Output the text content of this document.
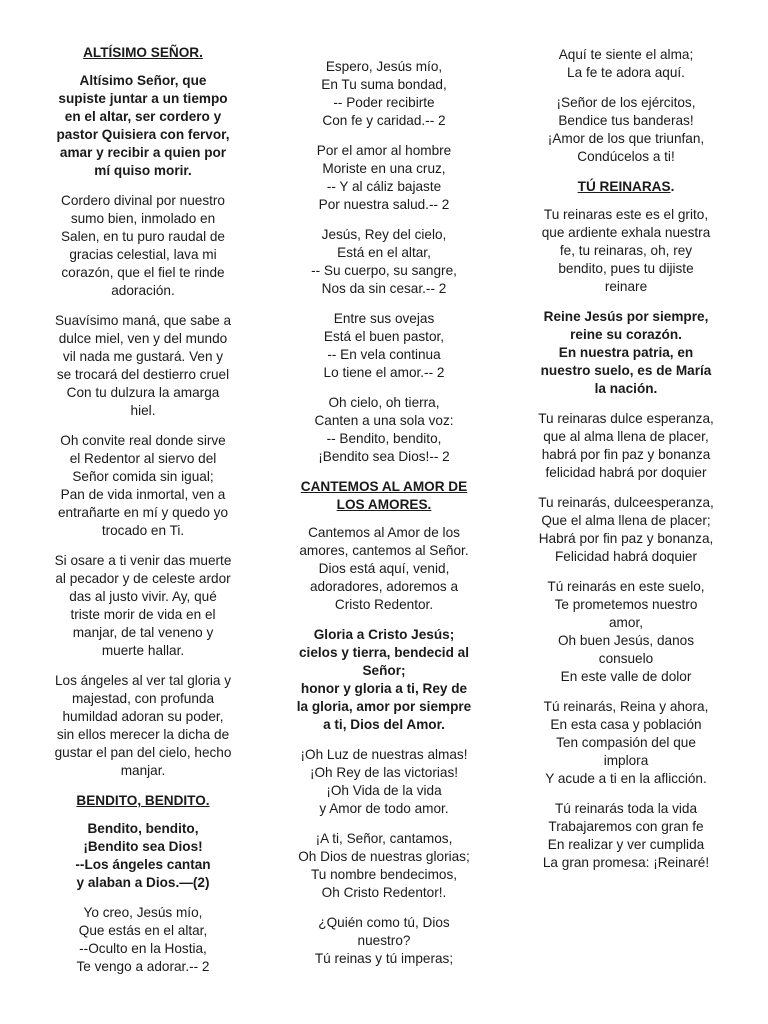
ALTÍSIMO SEÑOR.

Altísimo Señor, que
supiste juntar a un tiempo
en el altar, ser cordero y
pastor Quisiera con fervor,
amar y recibir a quien por
mí quiso morir.

Cordero divinal por nuestro
sumo bien, inmolado en
Salen, en tu puro raudal de
gracias celestial, lava mi
corazón, que el fiel te rinde
adoración.

Suavísimo maná, que sabe a
dulce miel, ven y del mundo
vil nada me gustará. Ven y
se trocará del destierro cruel
Con tu dulzura la amarga
hiel.

Oh convite real donde sirve
el Redentor al siervo del
Señor comida sin igual;
Pan de vida inmortal, ven a
entrañarte en mí y quedo yo
trocado en Ti.

Si osare a ti venir das muerte
al pecador y de celeste ardor
das al justo vivir. Ay, qué
triste morir de vida en el
manjar, de tal veneno y
muerte hallar.

Los ángeles al ver tal gloria y
majestad, con profunda
humildad adoran su poder,
sin ellos merecer la dicha de
gustar el pan del cielo, hecho
manjar.

BENDITO, BENDITO.

Bendito, bendito,
¡Bendito sea Dios!
--Los ángeles cantan
y alaban a Dios.—(2)

Yo creo, Jesús mío,
Que estás en el altar,
--Oculto en la Hostia,
Te vengo a adorar.-- 2

Espero, Jesús mío,
En Tu suma bondad,
-- Poder recibirte
Con fe y caridad.-- 2

Por el amor al hombre
Moriste en una cruz,
-- Y al cáliz bajaste
Por nuestra salud.-- 2

Jesús, Rey del cielo,
Está en el altar,
-- Su cuerpo, su sangre,
Nos da sin cesar.-- 2

Entre sus ovejas
Está el buen pastor,
-- En vela continua
Lo tiene el amor.-- 2

Oh cielo, oh tierra,
Canten a una sola voz:
-- Bendito, bendito,
¡Bendito sea Dios!-- 2

CANTEMOS AL AMOR DE
LOS AMORES.

Cantemos al Amor de los
amores, cantemos al Señor.
Dios está aquí, venid,
adoradores, adoremos a
Cristo Redentor.

Gloria a Cristo Jesús;
cielos y tierra, bendecid al
Señor;
honor y gloria a ti, Rey de
la gloria, amor por siempre
a ti, Dios del Amor.

¡Oh Luz de nuestras almas!
¡Oh Rey de las victorias!
¡Oh Vida de la vida
y Amor de todo amor.

¡A ti, Señor, cantamos,
Oh Dios de nuestras glorias;
Tu nombre bendecimos,
Oh Cristo Redentor!.

¿Quién como tú, Dios
nuestro?
Tú reinas y tú imperas;

Aquí te siente el alma;
La fe te adora aquí.

¡Señor de los ejércitos,
Bendice tus banderas!
¡Amor de los que triunfan,
Condúcelos a ti!

TÚ REINARAS.

Tu reinaras este es el grito,
que ardiente exhala nuestra
fe, tu reinaras, oh, rey
bendito, pues tu dijiste
reinare

Reine Jesús por siempre,
reine su corazón.
En nuestra patria, en
nuestro suelo, es de María
la nación.

Tu reinaras dulce esperanza,
que al alma llena de placer,
habrá por fin paz y bonanza
felicidad habrá por doquier

Tu reinarás, dulceesperanza,
Que el alma llena de placer;
Habrá por fin paz y bonanza,
Felicidad habrá doquier

Tú reinarás en este suelo,
Te prometemos nuestro
amor,
Oh buen Jesús, danos
consuelo
En este valle de dolor

Tú reinarás, Reina y ahora,
En esta casa y población
Ten compasión del que
implora
Y acude a ti en la aflicción.

Tú reinarás toda la vida
Trabajaremos con gran fe
En realizar y ver cumplida
La gran promesa: ¡Reinaré!
